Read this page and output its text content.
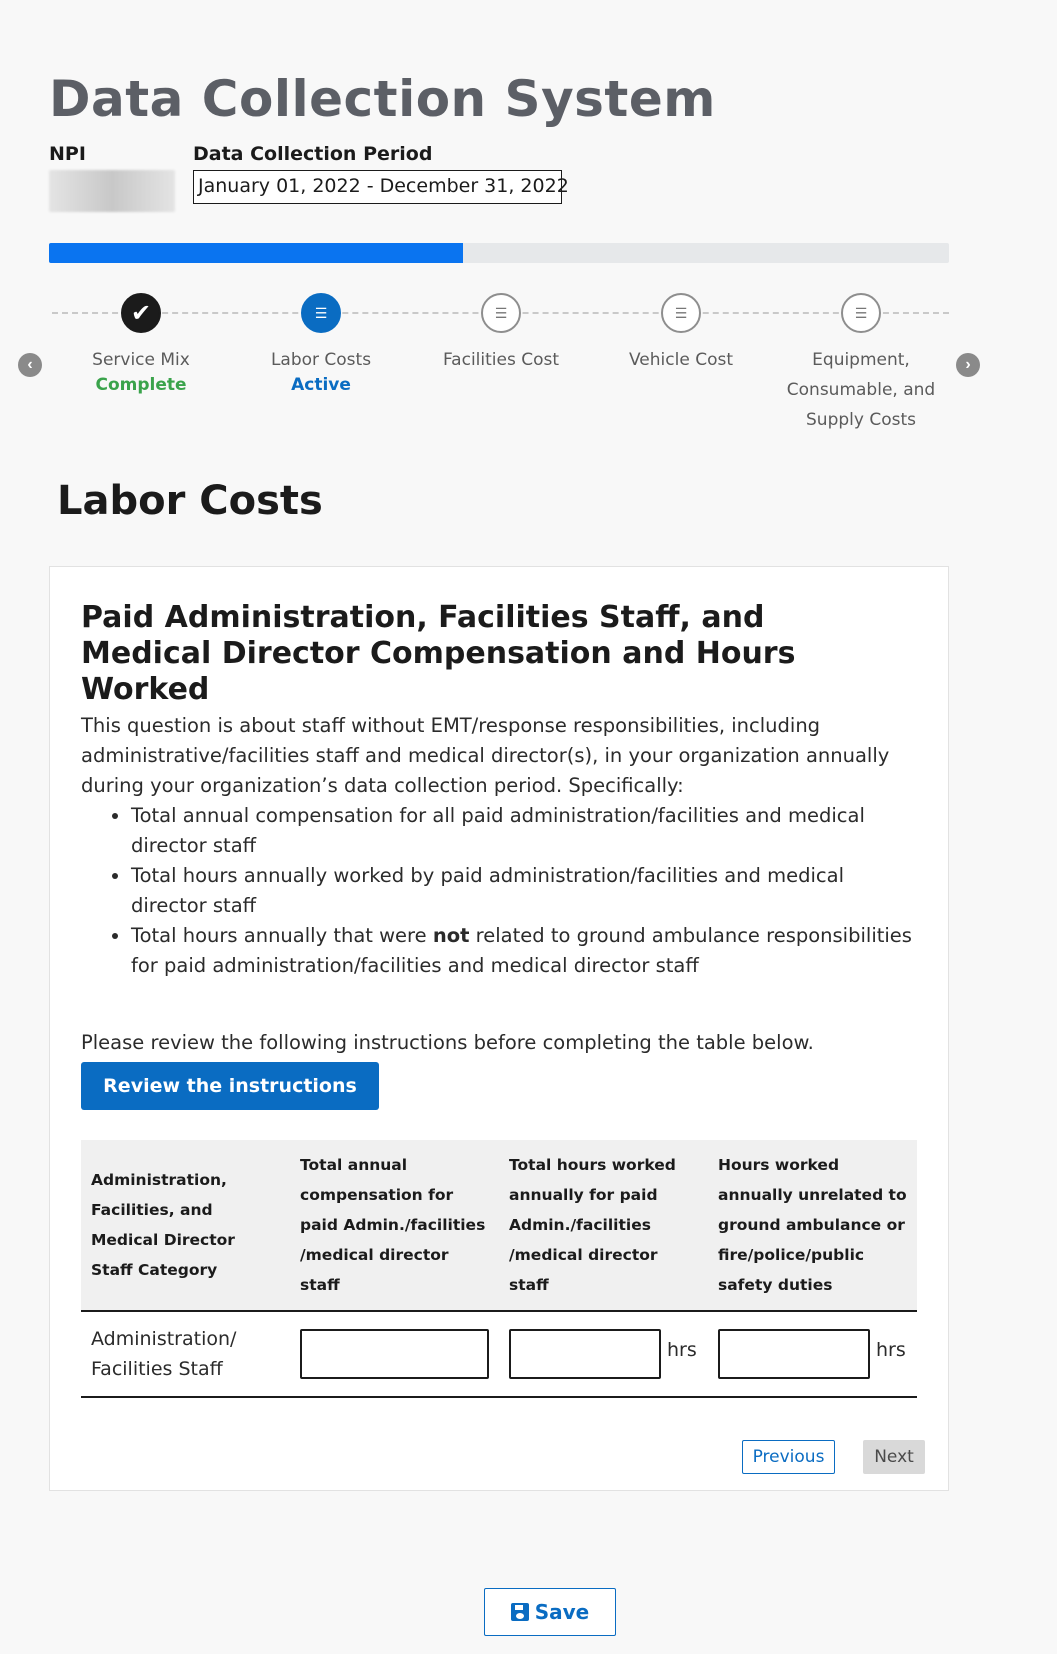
Data Collection System
NPI	Data Collection Period
January 01, 2022 - December 31, 2022
‹	›
✔
Service Mix
Complete
☰
Labor Costs
Active
☰
Facilities Cost
☰
Vehicle Cost
☰
Equipment, Consumable, and Supply Costs
Labor Costs
Paid Administration, Facilities Staff, and Medical Director Compensation and Hours Worked

This question is about staff without EMT/response responsibilities, including administrative/facilities staff and medical director(s), in your organization annually during your organization’s data collection period. Specifically:

• Total annual compensation for all paid administration/facilities and medical director staff
• Total hours annually worked by paid administration/facilities and medical director staff
• Total hours annually that were not related to ground ambulance responsibilities for paid administration/facilities and medical director staff
Please review the following instructions before completing the table below.
Review the instructions
Administration, Facilities, and Medical Director Staff Category	Total annual compensation for paid Admin./facilities /medical director staff	Total hours worked annually for paid Admin./facilities /medical director staff	Hours worked annually unrelated to ground ambulance or fire/police/public safety duties
Administration/ Facilities Staff		hrs	hrs
Previous	Next
Save
